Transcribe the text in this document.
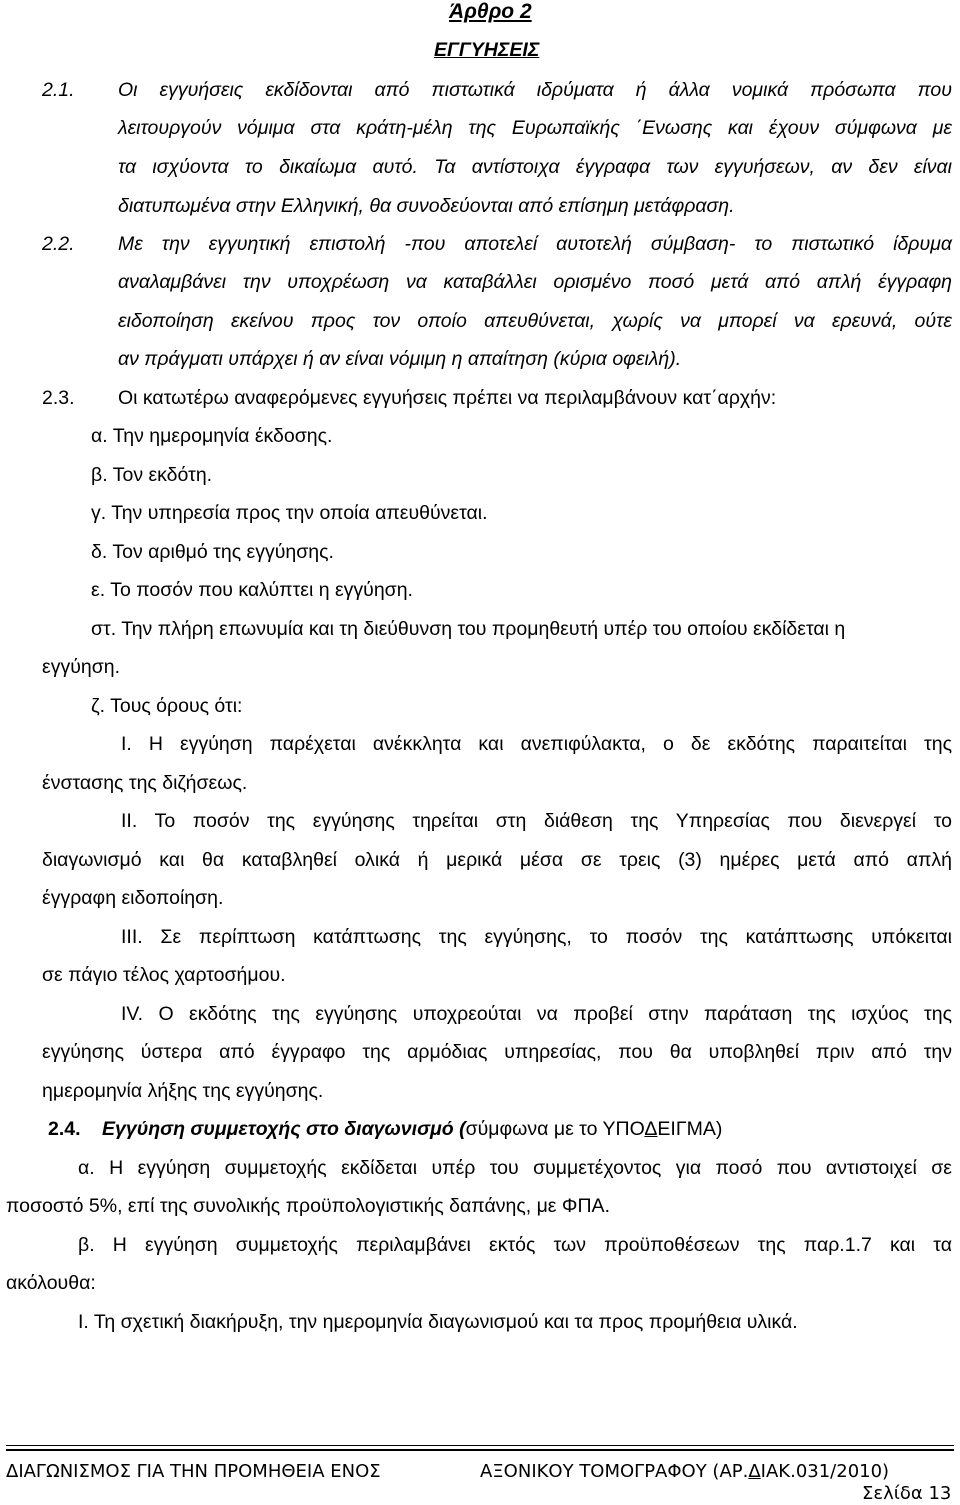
Άρθρο 2
ΕΓΓΥΗΣΕΙΣ
2.1. Οι εγγυήσεις εκδίδονται από πιστωτικά ιδρύματα ή άλλα νομικά πρόσωπα που
λειτουργούν νόμιμα στα κράτη-μέλη της Ευρωπαϊκής ΄Ενωσης και έχουν σύμφωνα με
τα ισχύοντα το δικαίωμα αυτό. Τα αντίστοιχα έγγραφα των εγγυήσεων, αν δεν είναι
διατυπωμένα στην Ελληνική, θα συνοδεύονται από επίσημη μετάφραση.
2.2. Με την εγγυητική επιστολή -που αποτελεί αυτοτελή σύμβαση- το πιστωτικό ίδρυμα
αναλαμβάνει την υποχρέωση να καταβάλλει ορισμένο ποσό μετά από απλή έγγραφη
ειδοποίηση εκείνου προς τον οποίο απευθύνεται, χωρίς να μπορεί να ερευνά, ούτε
αν πράγματι υπάρχει ή αν είναι νόμιμη η απαίτηση (κύρια οφειλή).
2.3. Οι κατωτέρω αναφερόμενες εγγυήσεις πρέπει να περιλαμβάνουν κατ΄αρχήν:
α. Την ημερομηνία έκδοσης.
β. Τον εκδότη.
γ. Την υπηρεσία προς την οποία απευθύνεται.
δ. Τον αριθμό της εγγύησης.
ε. Το ποσόν που καλύπτει η εγγύηση.
στ. Την πλήρη επωνυμία και τη διεύθυνση του προμηθευτή υπέρ του οποίου εκδίδεται η
εγγύηση.
ζ. Τους όρους ότι:
Ι. Η εγγύηση παρέχεται ανέκκλητα και ανεπιφύλακτα, ο δε εκδότης παραιτείται της
ένστασης της διζήσεως.
ΙΙ. Το ποσόν της εγγύησης τηρείται στη διάθεση της Υπηρεσίας που διενεργεί το
διαγωνισμό και θα καταβληθεί ολικά ή μερικά μέσα σε τρεις (3) ημέρες μετά από απλή
έγγραφη ειδοποίηση.
ΙΙΙ. Σε περίπτωση κατάπτωσης της εγγύησης, το ποσόν της κατάπτωσης υπόκειται
σε πάγιο τέλος χαρτοσήμου.
ΙV. Ο εκδότης της εγγύησης υποχρεούται να προβεί στην παράταση της ισχύος της
εγγύησης ύστερα από έγγραφο της αρμόδιας υπηρεσίας, που θα υποβληθεί πριν από την
ημερομηνία λήξης της εγγύησης.
2.4. Εγγύηση συμμετοχής στο διαγωνισμό (σύμφωνα με το ΥΠΟΔΕΙΓΜΑ)
α. Η εγγύηση συμμετοχής εκδίδεται υπέρ του συμμετέχοντος για ποσό που αντιστοιχεί σε
ποσοστό 5%, επί της συνολικής προϋπολογιστικής δαπάνης, με ΦΠΑ.
β. Η εγγύηση συμμετοχής περιλαμβάνει εκτός των προϋποθέσεων της παρ.1.7 και τα
ακόλουθα:
Ι. Τη σχετική διακήρυξη, την ημερομηνία διαγωνισμού και τα προς προμήθεια υλικά.
ΔΙΑΓΩΝΙΣΜΟΣ ΓΙΑ ΤΗΝ ΠΡΟΜΗΘΕΙΑ ΕΝΟΣ	ΑΞΟΝΙΚΟΥ ΤΟΜΟΓΡΑΦΟΥ (ΑΡ.ΔΙΑΚ.031/2010)
Σελίδα 13
